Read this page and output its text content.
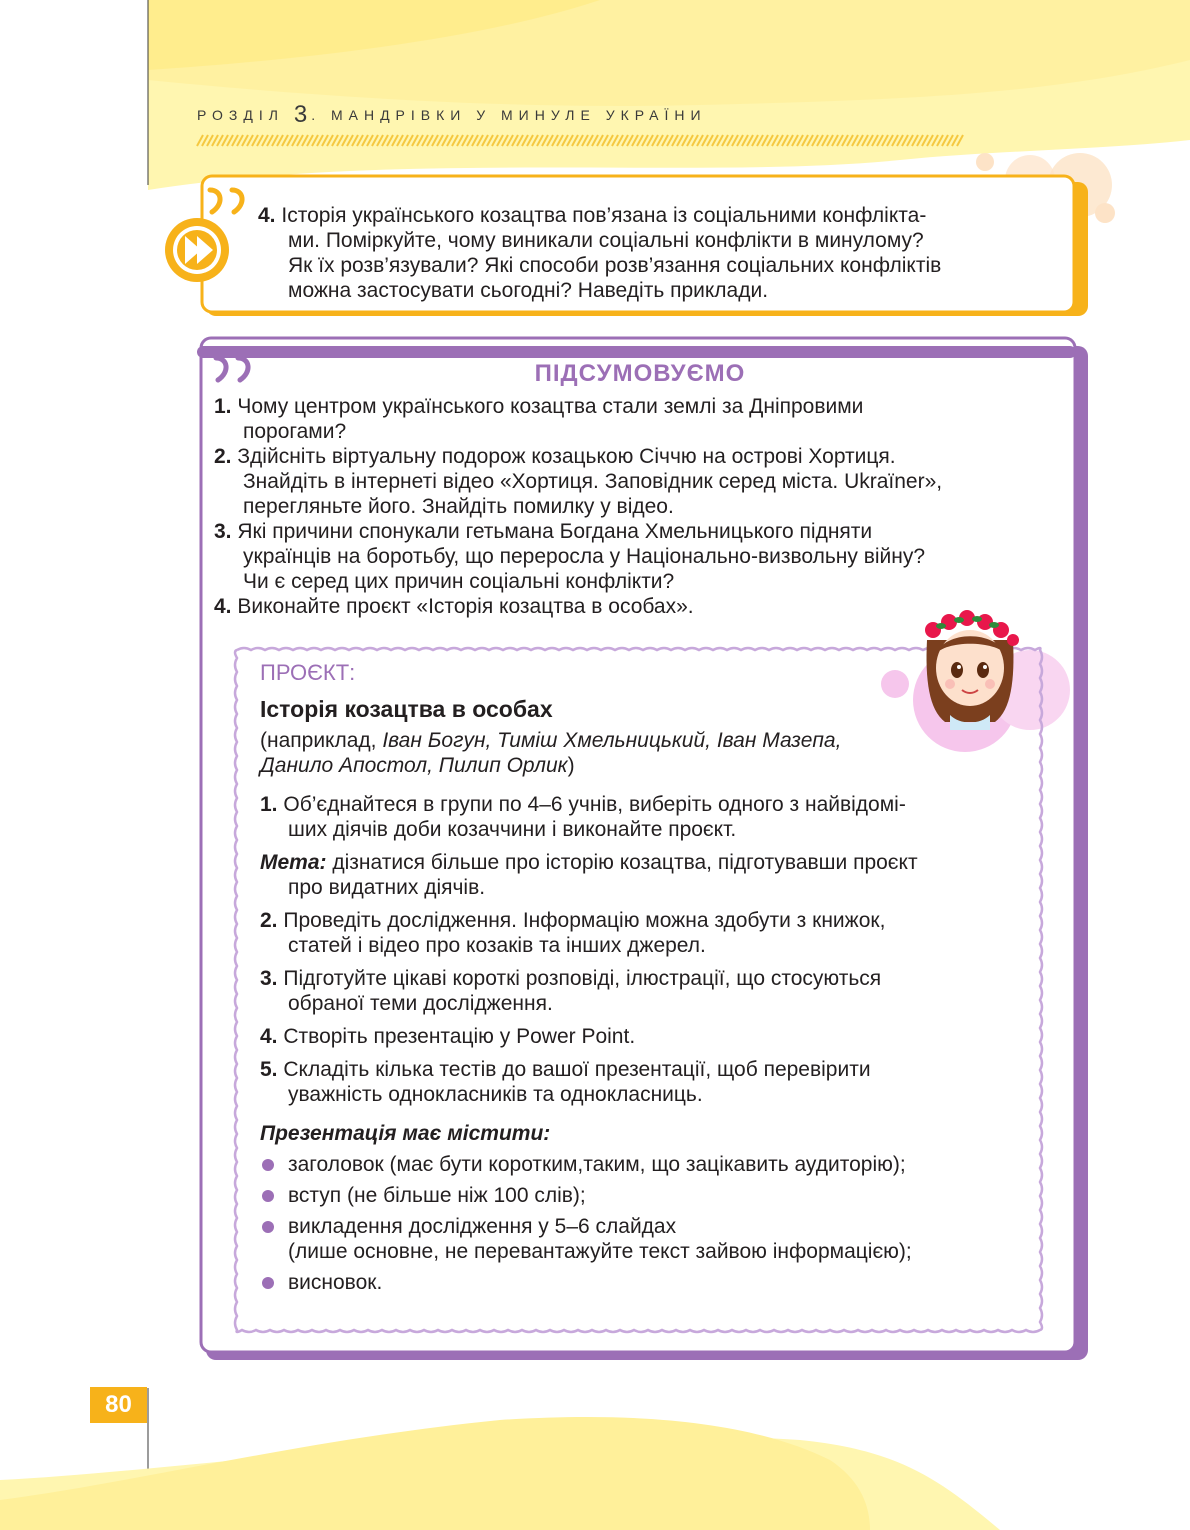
РОЗДІЛ 3. МАНДРІВКИ У МИНУЛЕ УКРАЇНИ
4. Історія українського козацтва пов’язана із соціальними конфлікта-
ми. Поміркуйте, чому виникали соціальні конфлікти в минулому?
Як їх розв’язували? Які способи розв’язання соціальних конфліктів
можна застосувати сьогодні? Наведіть приклади.
ПІДСУМОВУЄМО
1. Чому центром українського козацтва стали землі за Дніпровими
порогами?
2. Здійсніть віртуальну подорож козацькою Січчю на острові Хортиця.
Знайдіть в інтернеті відео «Хортиця. Заповідник серед міста. Ukraїner»,
перегляньте його. Знайдіть помилку у відео.
3. Які причини спонукали гетьмана Богдана Хмельницького підняти
українців на боротьбу, що переросла у Національно-визвольну війну?
Чи є серед цих причин соціальні конфлікти?
4. Виконайте проєкт «Історія козацтва в особах».
ПРОЄКТ:
Історія козацтва в особах
(наприклад, Іван Богун, Тиміш Хмельницький, Іван Мазепа,
Данило Апостол, Пилип Орлик)
1. Об’єднайтеся в групи по 4–6 учнів, виберіть одного з найвідомі-
ших діячів доби козаччини і виконайте проєкт.
Мета: дізнатися більше про історію козацтва, підготувавши проєкт
про видатних діячів.
2. Проведіть дослідження. Інформацію можна здобути з книжок,
статей і відео про козаків та інших джерел.
3. Підготуйте цікаві короткі розповіді, ілюстрації, що стосуються
обраної теми дослідження.
4. Створіть презентацію у Power Point.
5. Складіть кілька тестів до вашої презентації, щоб перевірити
уважність однокласників та однокласниць.
Презентація має містити:
заголовок (має бути коротким,таким, що зацікавить аудиторію);
вступ (не більше ніж 100 слів);
викладення дослідження у 5–6 слайдах
(лише основне, не перевантажуйте текст зайвою інформацією);
висновок.
80
